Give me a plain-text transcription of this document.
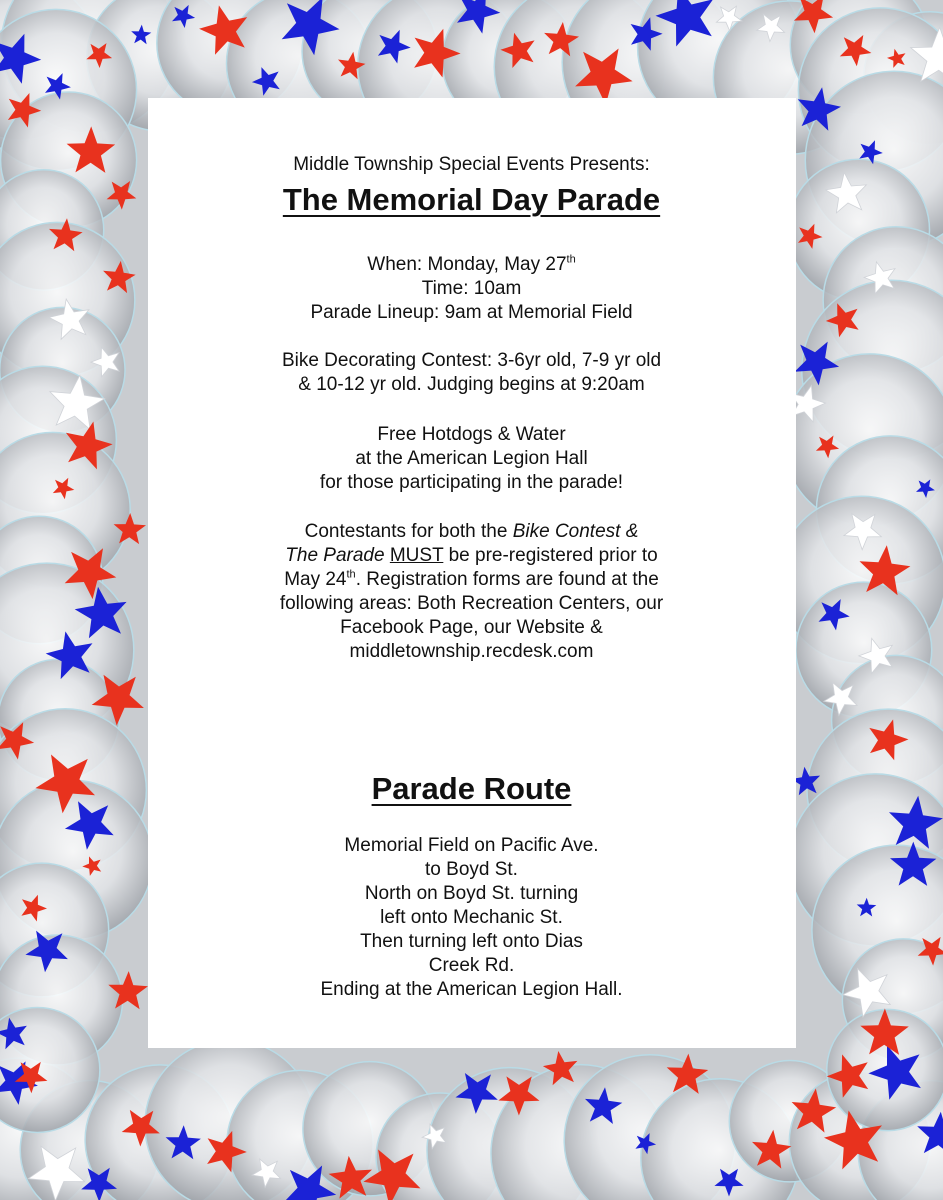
Middle Township Special Events Presents:
The Memorial Day Parade
When: Monday, May 27th
Time: 10am
Parade Lineup: 9am at Memorial Field
Bike Decorating Contest: 3-6yr old, 7-9 yr old
& 10-12 yr old. Judging begins at 9:20am
Free Hotdogs & Water
at the American Legion Hall
for those participating in the parade!
Contestants for both the Bike Contest &
The Parade MUST be pre-registered prior to
May 24th. Registration forms are found at the
following areas: Both Recreation Centers, our
Facebook Page, our Website &
middletownship.recdesk.com
Parade Route
Memorial Field on Pacific Ave.
to Boyd St.
North on Boyd St. turning
left onto Mechanic St.
Then turning left onto Dias
Creek Rd.
Ending at the American Legion Hall.
